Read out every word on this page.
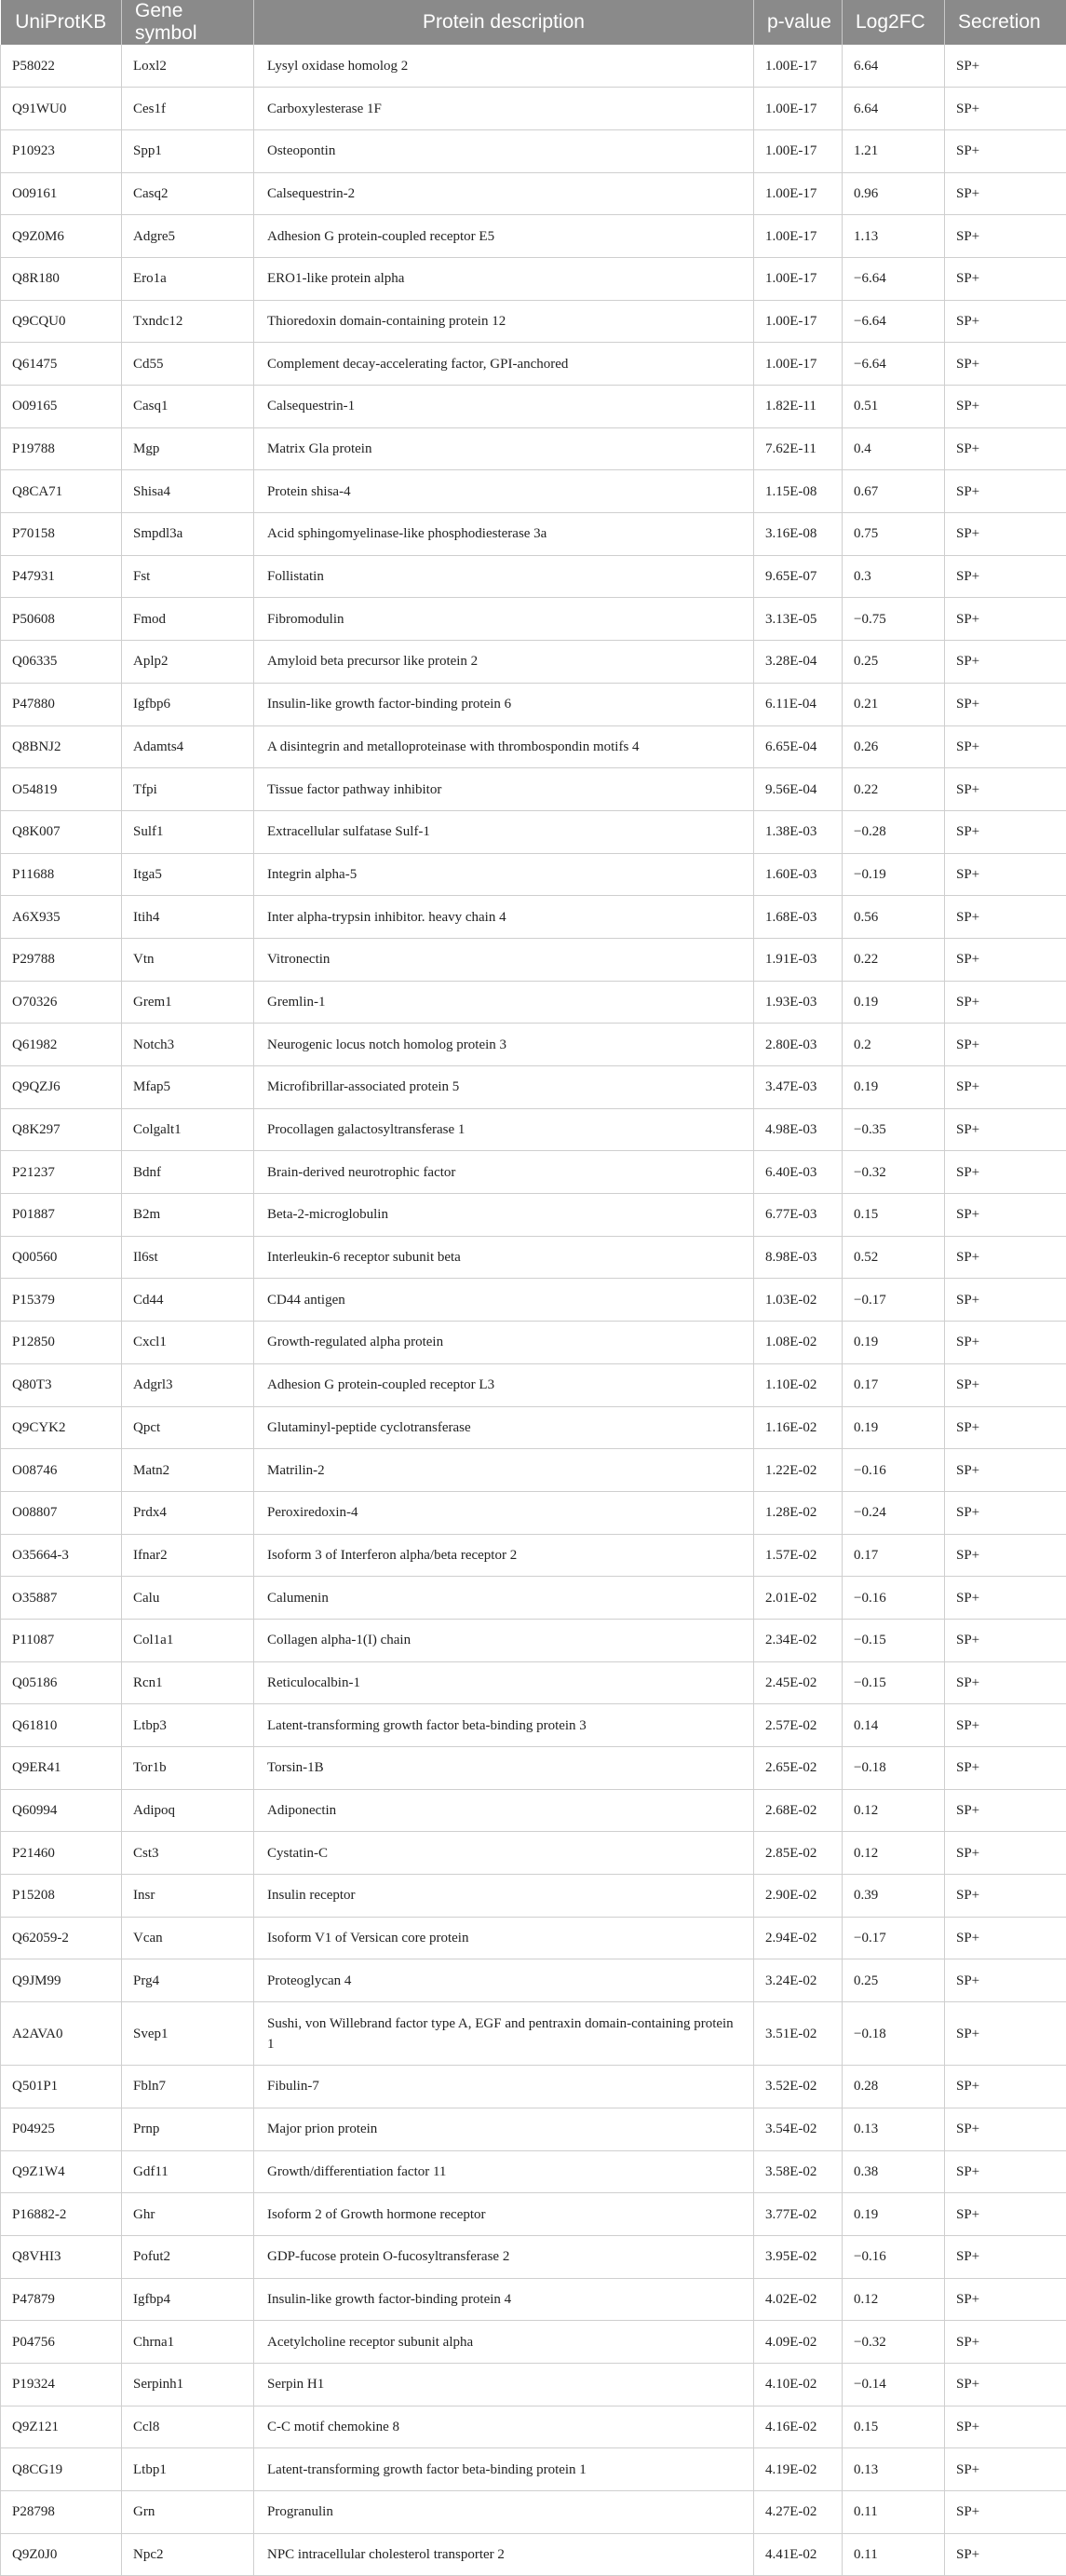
UniProtKB	Gene symbol	Protein description	p-value	Log2FC	Secretion
P58022	Loxl2	Lysyl oxidase homolog 2	1.00E-17	6.64	SP+
Q91WU0	Ces1f	Carboxylesterase 1F	1.00E-17	6.64	SP+
P10923	Spp1	Osteopontin	1.00E-17	1.21	SP+
O09161	Casq2	Calsequestrin-2	1.00E-17	0.96	SP+
Q9Z0M6	Adgre5	Adhesion G protein-coupled receptor E5	1.00E-17	1.13	SP+
Q8R180	Ero1a	ERO1-like protein alpha	1.00E-17	−6.64	SP+
Q9CQU0	Txndc12	Thioredoxin domain-containing protein 12	1.00E-17	−6.64	SP+
Q61475	Cd55	Complement decay-accelerating factor, GPI-anchored	1.00E-17	−6.64	SP+
O09165	Casq1	Calsequestrin-1	1.82E-11	0.51	SP+
P19788	Mgp	Matrix Gla protein	7.62E-11	0.4	SP+
Q8CA71	Shisa4	Protein shisa-4	1.15E-08	0.67	SP+
P70158	Smpdl3a	Acid sphingomyelinase-like phosphodiesterase 3a	3.16E-08	0.75	SP+
P47931	Fst	Follistatin	9.65E-07	0.3	SP+
P50608	Fmod	Fibromodulin	3.13E-05	−0.75	SP+
Q06335	Aplp2	Amyloid beta precursor like protein 2	3.28E-04	0.25	SP+
P47880	Igfbp6	Insulin-like growth factor-binding protein 6	6.11E-04	0.21	SP+
Q8BNJ2	Adamts4	A disintegrin and metalloproteinase with thrombospondin motifs 4	6.65E-04	0.26	SP+
O54819	Tfpi	Tissue factor pathway inhibitor	9.56E-04	0.22	SP+
Q8K007	Sulf1	Extracellular sulfatase Sulf-1	1.38E-03	−0.28	SP+
P11688	Itga5	Integrin alpha-5	1.60E-03	−0.19	SP+
A6X935	Itih4	Inter alpha-trypsin inhibitor. heavy chain 4	1.68E-03	0.56	SP+
P29788	Vtn	Vitronectin	1.91E-03	0.22	SP+
O70326	Grem1	Gremlin-1	1.93E-03	0.19	SP+
Q61982	Notch3	Neurogenic locus notch homolog protein 3	2.80E-03	0.2	SP+
Q9QZJ6	Mfap5	Microfibrillar-associated protein 5	3.47E-03	0.19	SP+
Q8K297	Colgalt1	Procollagen galactosyltransferase 1	4.98E-03	−0.35	SP+
P21237	Bdnf	Brain-derived neurotrophic factor	6.40E-03	−0.32	SP+
P01887	B2m	Beta-2-microglobulin	6.77E-03	0.15	SP+
Q00560	Il6st	Interleukin-6 receptor subunit beta	8.98E-03	0.52	SP+
P15379	Cd44	CD44 antigen	1.03E-02	−0.17	SP+
P12850	Cxcl1	Growth-regulated alpha protein	1.08E-02	0.19	SP+
Q80T3	Adgrl3	Adhesion G protein-coupled receptor L3	1.10E-02	0.17	SP+
Q9CYK2	Qpct	Glutaminyl-peptide cyclotransferase	1.16E-02	0.19	SP+
O08746	Matn2	Matrilin-2	1.22E-02	−0.16	SP+
O08807	Prdx4	Peroxiredoxin-4	1.28E-02	−0.24	SP+
O35664-3	Ifnar2	Isoform 3 of Interferon alpha/beta receptor 2	1.57E-02	0.17	SP+
O35887	Calu	Calumenin	2.01E-02	−0.16	SP+
P11087	Col1a1	Collagen alpha-1(I) chain	2.34E-02	−0.15	SP+
Q05186	Rcn1	Reticulocalbin-1	2.45E-02	−0.15	SP+
Q61810	Ltbp3	Latent-transforming growth factor beta-binding protein 3	2.57E-02	0.14	SP+
Q9ER41	Tor1b	Torsin-1B	2.65E-02	−0.18	SP+
Q60994	Adipoq	Adiponectin	2.68E-02	0.12	SP+
P21460	Cst3	Cystatin-C	2.85E-02	0.12	SP+
P15208	Insr	Insulin receptor	2.90E-02	0.39	SP+
Q62059-2	Vcan	Isoform V1 of Versican core protein	2.94E-02	−0.17	SP+
Q9JM99	Prg4	Proteoglycan 4	3.24E-02	0.25	SP+
A2AVA0	Svep1	Sushi, von Willebrand factor type A, EGF and pentraxin domain-containing protein 1	3.51E-02	−0.18	SP+
Q501P1	Fbln7	Fibulin-7	3.52E-02	0.28	SP+
P04925	Prnp	Major prion protein	3.54E-02	0.13	SP+
Q9Z1W4	Gdf11	Growth/differentiation factor 11	3.58E-02	0.38	SP+
P16882-2	Ghr	Isoform 2 of Growth hormone receptor	3.77E-02	0.19	SP+
Q8VHI3	Pofut2	GDP-fucose protein O-fucosyltransferase 2	3.95E-02	−0.16	SP+
P47879	Igfbp4	Insulin-like growth factor-binding protein 4	4.02E-02	0.12	SP+
P04756	Chrna1	Acetylcholine receptor subunit alpha	4.09E-02	−0.32	SP+
P19324	Serpinh1	Serpin H1	4.10E-02	−0.14	SP+
Q9Z121	Ccl8	C-C motif chemokine 8	4.16E-02	0.15	SP+
Q8CG19	Ltbp1	Latent-transforming growth factor beta-binding protein 1	4.19E-02	0.13	SP+
P28798	Grn	Progranulin	4.27E-02	0.11	SP+
Q9Z0J0	Npc2	NPC intracellular cholesterol transporter 2	4.41E-02	0.11	SP+
